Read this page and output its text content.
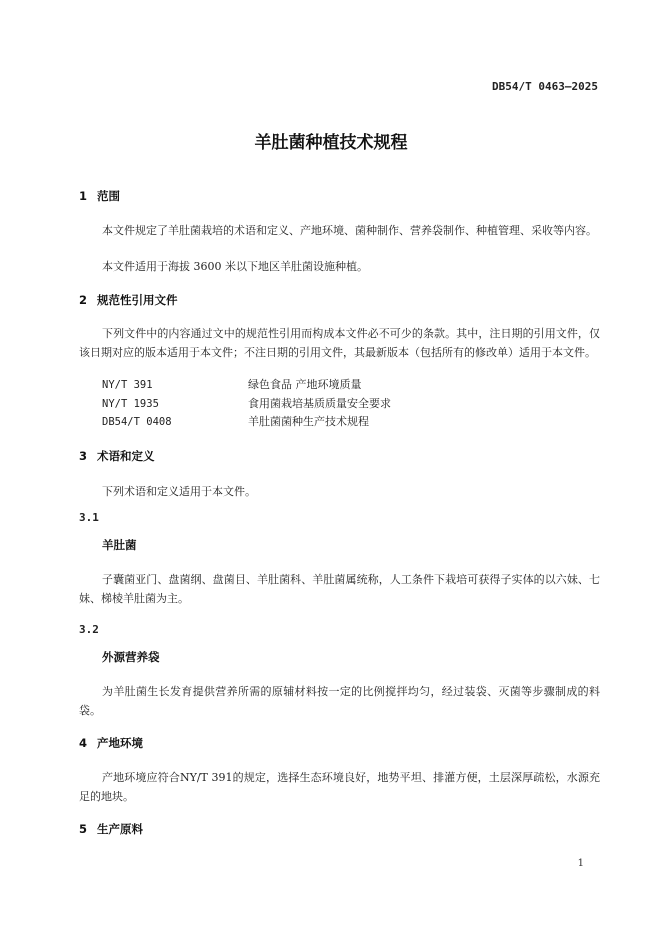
DB54/T 0463—2025
羊肚菌种植技术规程
1 范围
本文件规定了羊肚菌栽培的术语和定义、产地环境、菌种制作、营养袋制作、种植管理、采收等内容。
本文件适用于海拔 3600 米以下地区羊肚菌设施种植。
2 规范性引用文件
下列文件中的内容通过文中的规范性引用而构成本文件必不可少的条款。其中，注日期的引用文件，仅该日期对应的版本适用于本文件；不注日期的引用文件，其最新版本（包括所有的修改单）适用于本文件。
NY/T 391	绿色食品 产地环境质量
NY/T 1935	食用菌栽培基质质量安全要求
DB54/T 0408	羊肚菌菌种生产技术规程
3 术语和定义
下列术语和定义适用于本文件。
3.1
羊肚菌
子囊菌亚门、盘菌纲、盘菌目、羊肚菌科、羊肚菌属统称，人工条件下栽培可获得子实体的以六妹、七妹、梯棱羊肚菌为主。
3.2
外源营养袋
为羊肚菌生长发育提供营养所需的原辅材料按一定的比例搅拌均匀，经过装袋、灭菌等步骤制成的料袋。
4 产地环境
产地环境应符合NY/T 391的规定，选择生态环境良好，地势平坦、排灌方便，土层深厚疏松，水源充足的地块。
5 生产原料
1
